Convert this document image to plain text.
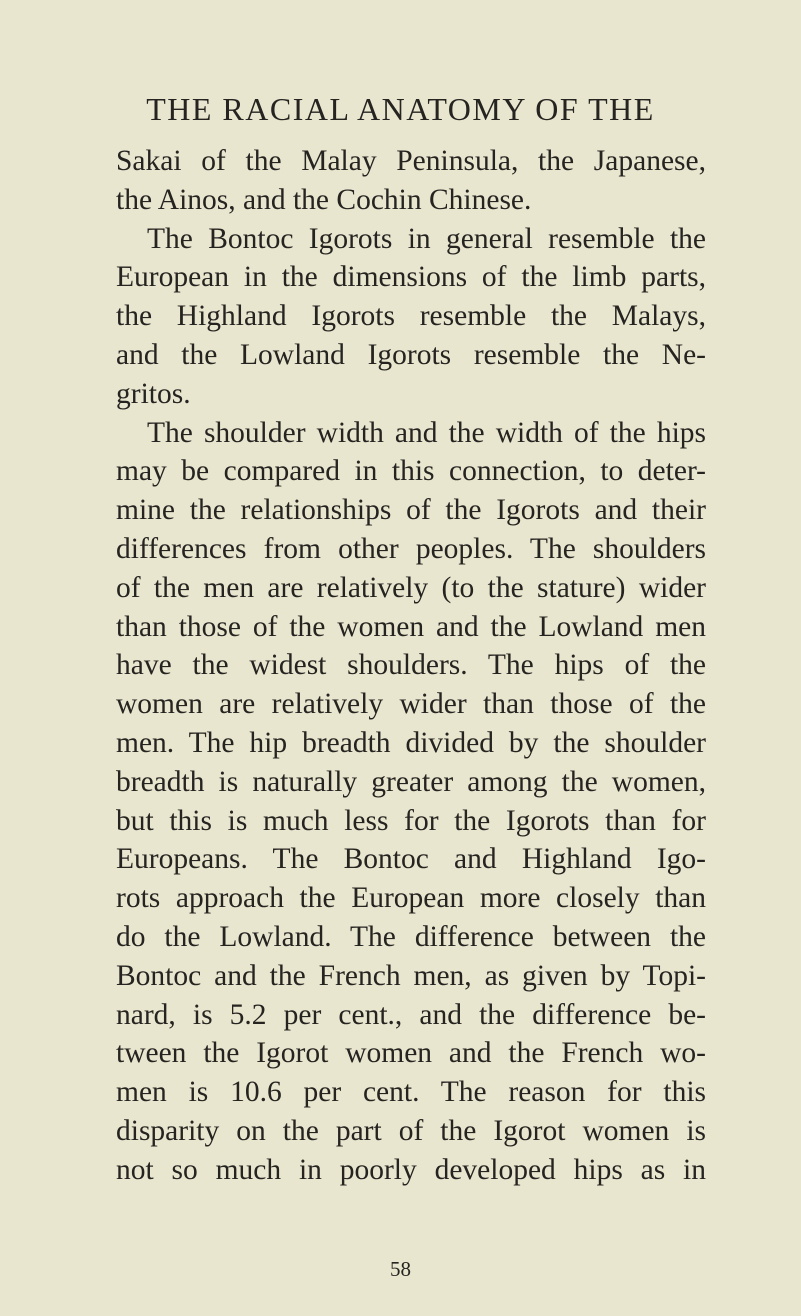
THE RACIAL ANATOMY OF THE
Sakai of the Malay Peninsula, the Japanese,
the Ainos, and the Cochin Chinese.
The Bontoc Igorots in general resemble the
European in the dimensions of the limb parts,
the Highland Igorots resemble the Malays,
and the Lowland Igorots resemble the Ne-
gritos.
The shoulder width and the width of the hips
may be compared in this connection, to deter-
mine the relationships of the Igorots and their
differences from other peoples. The shoulders
of the men are relatively (to the stature) wider
than those of the women and the Lowland men
have the widest shoulders. The hips of the
women are relatively wider than those of the
men. The hip breadth divided by the shoulder
breadth is naturally greater among the women,
but this is much less for the Igorots than for
Europeans. The Bontoc and Highland Igo-
rots approach the European more closely than
do the Lowland. The difference between the
Bontoc and the French men, as given by Topi-
nard, is 5.2 per cent., and the difference be-
tween the Igorot women and the French wo-
men is 10.6 per cent. The reason for this
disparity on the part of the Igorot women is
not so much in poorly developed hips as in
58
